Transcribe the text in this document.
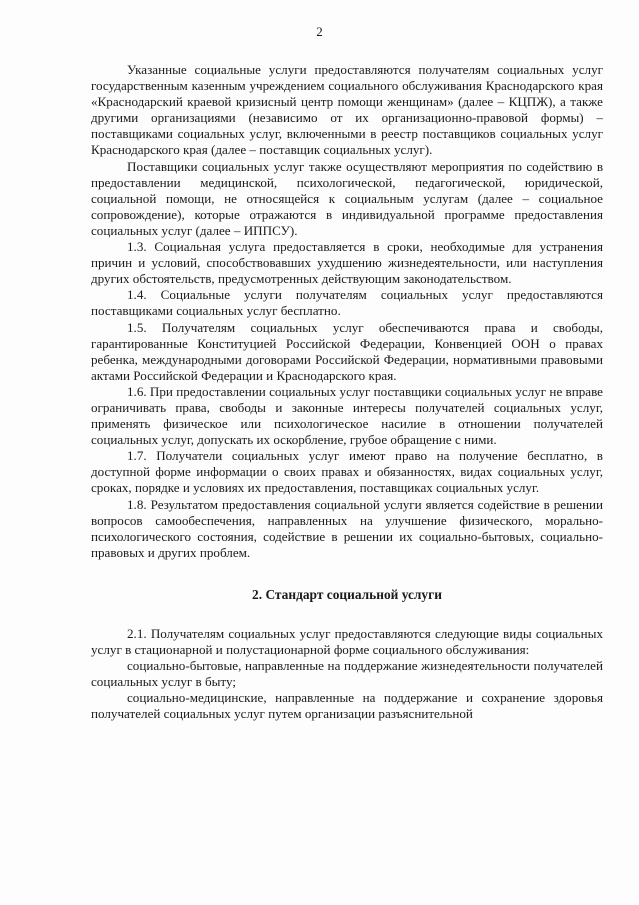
2

Указанные социальные услуги предоставляются получателям социальных услуг государственным казенным учреждением социального обслуживания Краснодарского края «Краснодарский краевой кризисный центр помощи женщинам» (далее – КЦПЖ), а также другими организациями (независимо от их организационно-правовой формы) – поставщиками социальных услуг, включенными в реестр поставщиков социальных услуг Краснодарского края (далее – поставщик социальных услуг).

Поставщики социальных услуг также осуществляют мероприятия по содействию в предоставлении медицинской, психологической, педагогической, юридической, социальной помощи, не относящейся к социальным услугам (далее – социальное сопровождение), которые отражаются в индивидуальной программе предоставления социальных услуг (далее – ИППСУ).

1.3. Социальная услуга предоставляется в сроки, необходимые для устранения причин и условий, способствовавших ухудшению жизнедеятельности, или наступления других обстоятельств, предусмотренных действующим законодательством.

1.4. Социальные услуги получателям социальных услуг предоставляются поставщиками социальных услуг бесплатно.

1.5. Получателям социальных услуг обеспечиваются права и свободы, гарантированные Конституцией Российской Федерации, Конвенцией ООН о правах ребенка, международными договорами Российской Федерации, нормативными правовыми актами Российской Федерации и Краснодарского края.

1.6. При предоставлении социальных услуг поставщики социальных услуг не вправе ограничивать права, свободы и законные интересы получателей социальных услуг, применять физическое или психологическое насилие в отношении получателей социальных услуг, допускать их оскорбление, грубое обращение с ними.

1.7. Получатели социальных услуг имеют право на получение бесплатно, в доступной форме информации о своих правах и обязанностях, видах социальных услуг, сроках, порядке и условиях их предоставления, поставщиках социальных услуг.

1.8. Результатом предоставления социальной услуги является содействие в решении вопросов самообеспечения, направленных на улучшение физического, морально-психологического состояния, содействие в решении их социально-бытовых, социально-правовых и других проблем.

2. Стандарт социальной услуги

2.1. Получателям социальных услуг предоставляются следующие виды социальных услуг в стационарной и полустационарной форме социального обслуживания:

социально-бытовые, направленные на поддержание жизнедеятельности получателей социальных услуг в быту;

социально-медицинские, направленные на поддержание и сохранение здоровья получателей социальных услуг путем организации разъяснительной
